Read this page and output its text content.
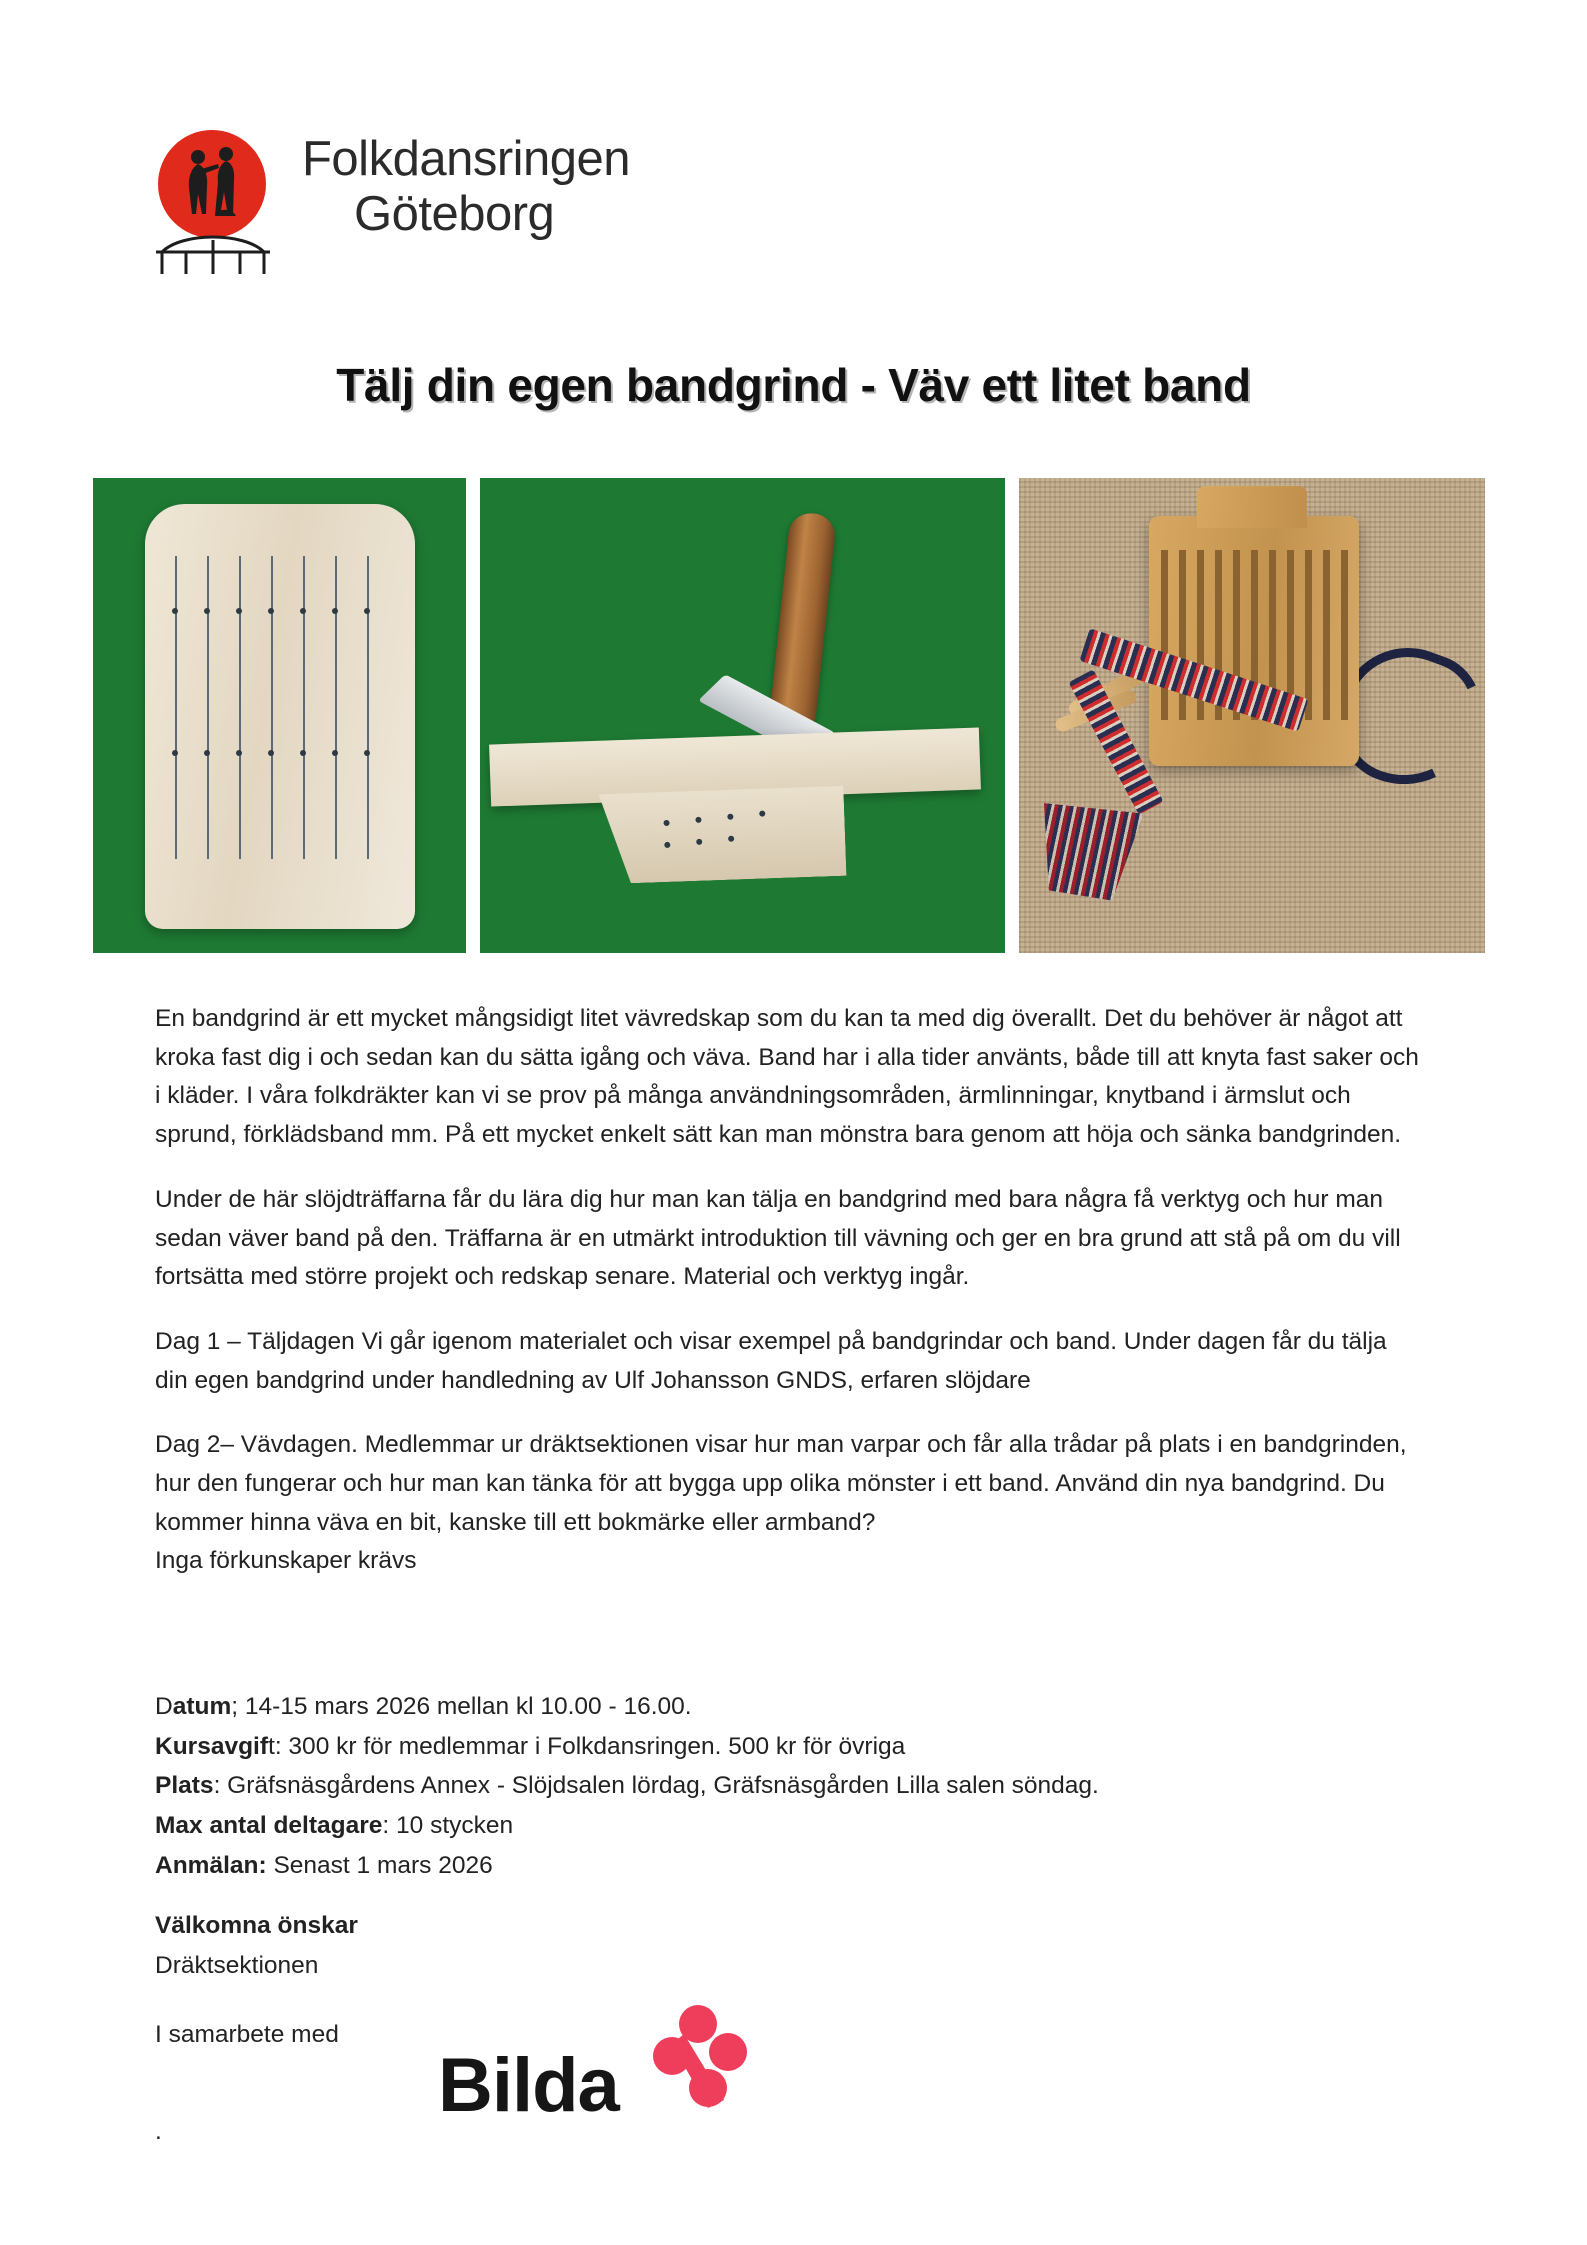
Folkdansringen
Göteborg
Tälj din egen bandgrind - Väv ett litet band

En bandgrind är ett mycket mångsidigt litet vävredskap som du kan ta med dig överallt. Det du behöver är något att kroka fast dig i och sedan kan du sätta igång och väva. Band har i alla tider använts, både till att knyta fast saker och i kläder. I våra folkdräkter kan vi se prov på många användningsområden, ärmlinningar, knytband i ärmslut och sprund, förklädsband mm. På ett mycket enkelt sätt kan man mönstra bara genom att höja och sänka bandgrinden.

Under de här slöjdträffarna får du lära dig hur man kan tälja en bandgrind med bara några få verktyg och hur man sedan väver band på den. Träffarna är en utmärkt introduktion till vävning och ger en bra grund att stå på om du vill fortsätta med större projekt och redskap senare. Material och verktyg ingår.

Dag 1 – Täljdagen Vi går igenom materialet och visar exempel på bandgrindar och band. Under dagen får du tälja din egen bandgrind under handledning av Ulf Johansson GNDS, erfaren slöjdare

Dag 2– Vävdagen. Medlemmar ur dräktsektionen visar hur man varpar och får alla trådar på plats i en bandgrinden, hur den fungerar och hur man kan tänka för att bygga upp olika mönster i ett band. Använd din nya bandgrind. Du kommer hinna väva en bit, kanske till ett bokmärke eller armband?

Inga förkunskaper krävs

Datum; 14-15 mars 2026 mellan kl 10.00 - 16.00.
Kursavgift: 300 kr för medlemmar i Folkdansringen. 500 kr för övriga
Plats: Gräfsnäsgårdens Annex - Slöjdsalen lördag, Gräfsnäsgården Lilla salen söndag.
Max antal deltagare: 10 stycken
Anmälan: Senast 1 mars 2026
Välkomna önskar
Dräktsektionen
I samarbete med
.
Bilda
